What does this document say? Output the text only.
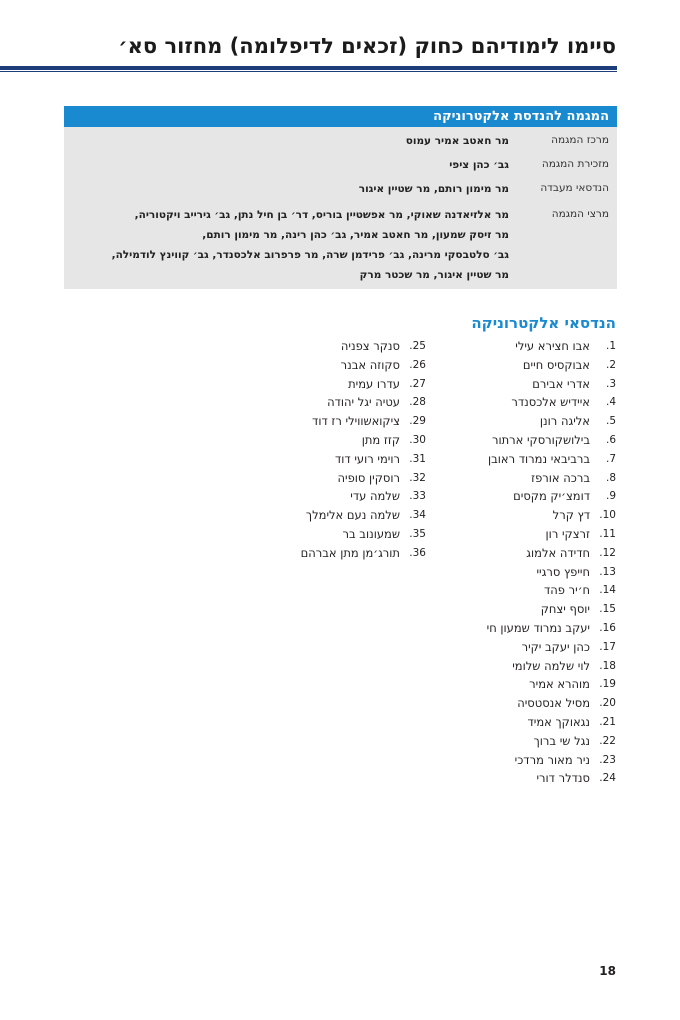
סיימו לימודיהם כחוק (זכאים לדיפלומה) מחזור סא׳
המגמה להנדסת אלקטרוניקה
מרכז המגמה
מר חאטב אמיר עמוס
מזכירת המגמה
גב׳ כהן ציפי
הנדסאי מעבדה
מר מימון רותם, מר שטיין איגור
מרצי המגמה
מר אלזיאדנה שאוקי, מר אפשטיין בוריס, דר׳ בן חיל נתן, גב׳ גירייב ויקטוריה,
מר זיסק שמעון, מר חאטב אמיר, גב׳ כהן רינה, מר מימון רותם,
גב׳ סלטבסקי מרינה, גב׳ פרידמן שרה, מר פרפרוב אלכסנדר, גב׳ קווינץ לודמילה,
מר שטיין איגור, מר שכטר מרק
הנדסאי אלקטרוניקה
1.
אבו חצירא עילי
2.
אבוקסיס חיים
3.
אדרי אבירם
4.
איידיש אלכסנדר
5.
אליגה רונן
6.
בילושקורסקי ארתור
7.
ברביבאי נמרוד ראובן
8.
ברכה אורפז
9.
דומצ׳יק מקסים
10.
דץ קרל
11.
זרצקי רון
12.
חדידה אלמוג
13.
חייפץ סרגיי
14.
ח׳יר פהד
15.
יוסף יצחק
16.
יעקב נמרוד שמעון חי
17.
כהן יעקב יקיר
18.
לוי שלמה שלומי
19.
מוהרא אמיר
20.
מסיל אנסטסיה
21.
נגאוקך אמיד
22.
נגל שי ברוך
23.
ניר מאור מרדכי
24.
סנדלר דורי
25.
סנקר צפניה
26.
סקוזה אבנר
27.
עדרו עמית
28.
עטיה יגל יהודה
29.
ציקואשווילי רז דוד
30.
קזז מתן
31.
רוימי רועי דוד
32.
רוסקין סופיה
33.
שלמה עדי
34.
שלמה נעם אלימלך
35.
שמעונוב בר
36.
תורג׳מן מתן אברהם
18
